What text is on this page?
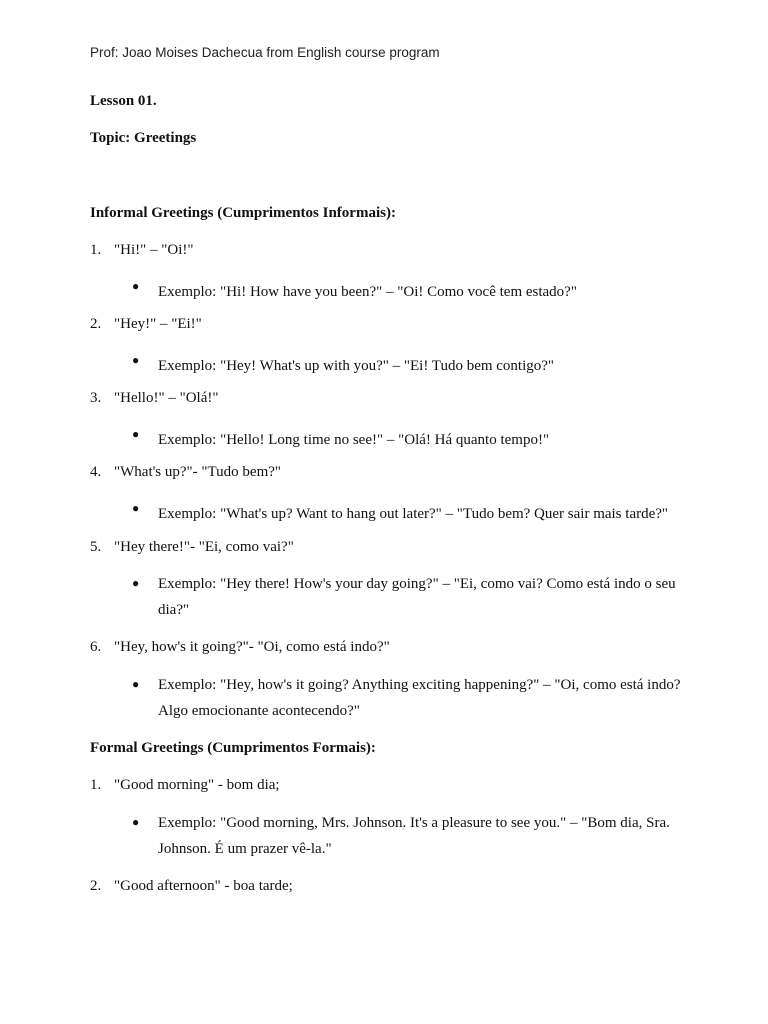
Prof: Joao Moises Dachecua from English course program
Lesson 01.
Topic: Greetings
Informal Greetings (Cumprimentos Informais):
1. "Hi!" – "Oi!"
● Exemplo: "Hi! How have you been?" – "Oi! Como você tem estado?"
2. "Hey!" – "Ei!"
● Exemplo: "Hey! What's up with you?" – "Ei! Tudo bem contigo?"
3. "Hello!" – "Olá!"
● Exemplo: "Hello! Long time no see!" – "Olá! Há quanto tempo!"
4. "What's up?"- "Tudo bem?"
● Exemplo: "What's up? Want to hang out later?" – "Tudo bem? Quer sair mais tarde?"
5. "Hey there!"- "Ei, como vai?"
● Exemplo: "Hey there! How's your day going?" – "Ei, como vai? Como está indo o seu dia?"
6. "Hey, how's it going?"- "Oi, como está indo?"
● Exemplo: "Hey, how's it going? Anything exciting happening?" – "Oi, como está indo? Algo emocionante acontecendo?"
Formal Greetings (Cumprimentos Formais):
1. "Good morning" - bom dia;
● Exemplo: "Good morning, Mrs. Johnson. It's a pleasure to see you." – "Bom dia, Sra. Johnson. É um prazer vê-la."
2. "Good afternoon" - boa tarde;
